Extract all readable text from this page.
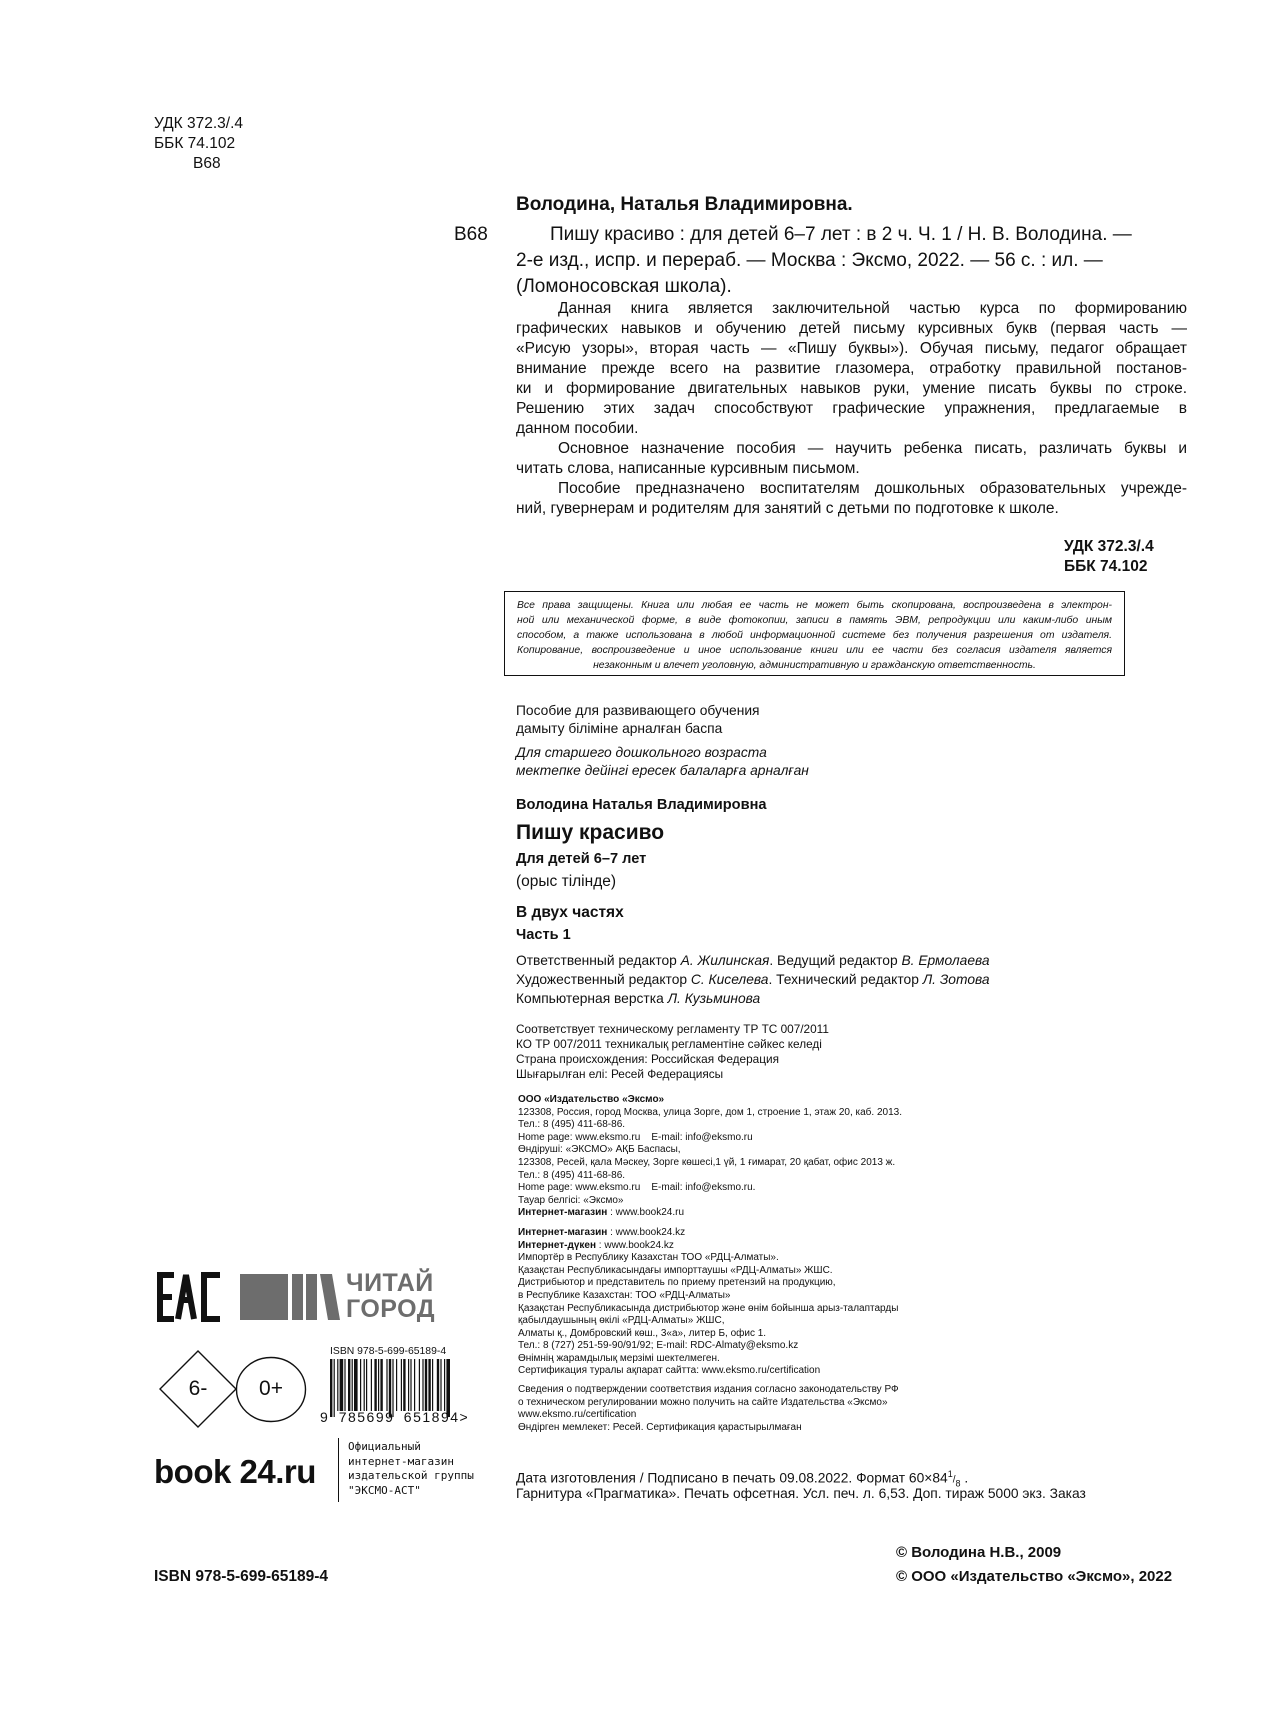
УДК 372.3/.4
ББК 74.102
В68
Володина, Наталья Владимировна.
В68	Пишу красиво : для детей 6–7 лет : в 2 ч. Ч. 1 / Н. В. Володина. —
2-е изд., испр. и перераб. — Москва : Эксмо, 2022. — 56 с. : ил. —
(Ломоносовская школа).
Данная книга является заключительной частью курса по формированию
графических навыков и обучению детей письму курсивных букв (первая часть —
«Рисую узоры», вторая часть — «Пишу буквы»). Обучая письму, педагог обращает
внимание прежде всего на развитие глазомера, отработку правильной постанов-
ки и формирование двигательных навыков руки, умение писать буквы по строке.
Решению этих задач способствуют графические упражнения, предлагаемые в
данном пособии.
Основное назначение пособия — научить ребенка писать, различать буквы и
читать слова, написанные курсивным письмом.
Пособие предназначено воспитателям дошкольных образовательных учрежде-
ний, гувернерам и родителям для занятий с детьми по подготовке к школе.
УДК 372.3/.4
ББК 74.102
Все права защищены. Книга или любая ее часть не может быть скопирована, воспроизведена в электрон-
ной или механической форме, в виде фотокопии, записи в память ЭВМ, репродукции или каким-либо иным
способом, а также использована в любой информационной системе без получения разрешения от издателя.
Копирование, воспроизведение и иное использование книги или ее части без согласия издателя является
незаконным и влечет уголовную, административную и гражданскую ответственность.
Пособие для развивающего обучения
дамыту біліміне арналған баспа
Для старшего дошкольного возраста
мектепке дейінгі ересек балаларға арналған
Володина Наталья Владимировна
Пишу красиво
Для детей 6–7 лет
(орыс тілінде)
В двух частях
Часть 1
Ответственный редактор А. Жилинская. Ведущий редактор В. Ермолаева
Художественный редактор С. Киселева. Технический редактор Л. Зотова
Компьютерная верстка Л. Кузьминова
Соответствует техническому регламенту ТР ТС 007/2011
КО ТР 007/2011 техникалық регламентіне сәйкес келеді
Страна происхождения: Российская Федерация
Шығарылған елі: Ресей Федерациясы
ООО «Издательство «Эксмо»
123308, Россия, город Москва, улица Зорге, дом 1, строение 1, этаж 20, каб. 2013.
Тел.: 8 (495) 411-68-86.
Home page: www.eksmo.ru    E-mail: info@eksmo.ru
Өндіруші: «ЭКСМО» АҚБ Баспасы,
123308, Ресей, қала Мәскеу, Зорге көшесі,1 үй, 1 ғимарат, 20 қабат, офис 2013 ж.
Тел.: 8 (495) 411-68-86.
Home page: www.eksmo.ru    E-mail: info@eksmo.ru.
Тауар белгісі: «Эксмо»
Интернет-магазин : www.book24.ru
Интернет-магазин : www.book24.kz
Интернет-дүкен : www.book24.kz
Импортёр в Республику Казахстан ТОО «РДЦ-Алматы».
Қазақстан Республикасындағы импорттаушы «РДЦ-Алматы» ЖШС.
Дистрибьютор и представитель по приему претензий на продукцию,
в Республике Казахстан: ТОО «РДЦ-Алматы»
Қазақстан Республикасында дистрибьютор және өнім бойынша арыз-талаптарды
қабылдаушының өкілі «РДЦ-Алматы» ЖШС,
Алматы қ., Домбровский көш., 3«а», литер Б, офис 1.
Тел.: 8 (727) 251-59-90/91/92; E-mail: RDC-Almaty@eksmo.kz
Өнімнің жарамдылық мерзімі шектелмеген.
Сертификация туралы ақпарат сайтта: www.eksmo.ru/certification
Сведения о подтверждении соответствия издания согласно законодательству РФ
о техническом регулировании можно получить на сайте Издательства «Эксмо»
www.eksmo.ru/certification
Өндірген мемлекет: Ресей. Сертификация қарастырылмаған
Дата изготовления / Подписано в печать 09.08.2022. Формат $60\times 84^1/_8$ .
Гарнитура «Прагматика». Печать офсетная. Усл. печ. л. 6,53. Доп. тираж 5000 экз. Заказ
ЧИТАЙ
ГОРОД
6-	0+
ISBN 978-5-699-65189-4
9 785699 651894>
book 24.ru
Официальный
интернет-магазин
издательской группы
"ЭКСМО-АСТ"
ISBN 978-5-699-65189-4
© Володина Н.В., 2009
© ООО «Издательство «Эксмо», 2022
